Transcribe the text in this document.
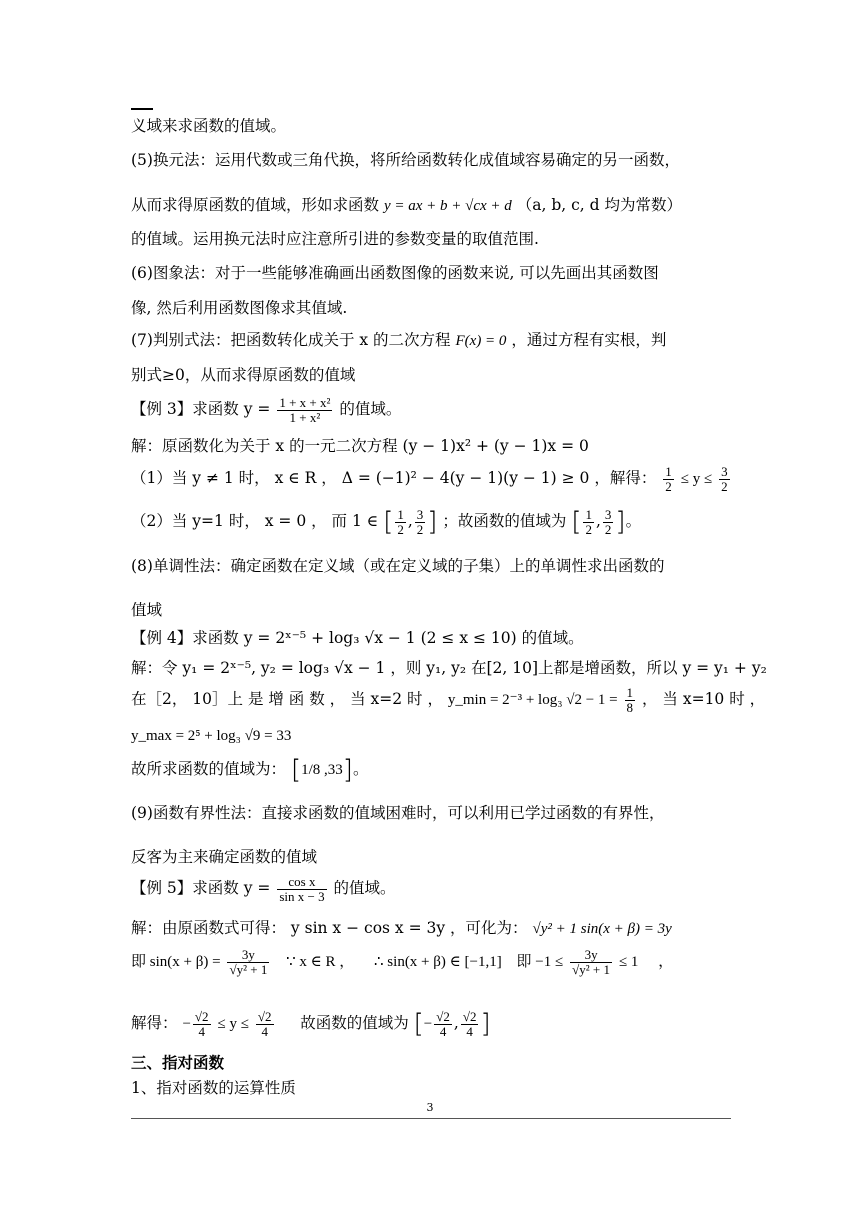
义域来求函数的值域。
(5)换元法：运用代数或三角代换，将所给函数转化成值域容易确定的另一函数，
从而求得原函数的值域，形如求函数 y = ax + b + √cx + d （a, b, c, d 均为常数）
的值域。运用换元法时应注意所引进的参数变量的取值范围.
(6)图象法：对于一些能够准确画出函数图像的函数来说, 可以先画出其函数图
像, 然后利用函数图像求其值域.
(7)判别式法：把函数转化成关于 x 的二次方程 F(x) = 0 ，通过方程有实根，判
别式≥0，从而求得原函数的值域
【例 3】求函数 $y = \frac{\text{1 + x + x²}}{\text{1 + x²}}$ 的值域。
解：原函数化为关于 x 的一元二次方程 (y − 1)x² + (y − 1)x = 0
（1）当 y ≠ 1 时， x ∈ R ， Δ = (−1)² − 4(y − 1)(y − 1) ≥ 0 ，解得： $\frac{1}{2} \le y \le \frac{3}{2}$
（2）当 y=1 时， x = 0 ， 而 1 ∈ [ $\frac{1}{2}$ , $\frac{3}{2}$ ] ；故函数的值域为 [ $\frac{1}{2}$ , $\frac{3}{2}$ ]。
(8)单调性法：确定函数在定义域（或在定义域的子集）上的单调性求出函数的
值域
【例 4】求函数 y = 2ˣ⁻⁵ + log₃ √x − 1 (2 ≤ x ≤ 10) 的值域。
解：令 y₁ = 2ˣ⁻⁵, y₂ = log₃ √x − 1 ，则 y₁, y₂ 在[2, 10]上都是增函数，所以 y = y₁ + y₂
在［2， 10］上 是 增 函 数 ， 当 x=2 时 ， y_min = 2⁻³ + log₃ $√2 - 1 = \frac{1}{8}$ ， 当 x=10 时 ，
y_max = 2⁵ + log₃ √9 = 33
故所求函数的值域为： [1/8 ,33]。
(9)函数有界性法：直接求函数的值域困难时，可以利用已学过函数的有界性，
反客为主来确定函数的值域
【例 5】求函数 $y = \frac{\text{cos x}}{\text{sin x − 3}}$ 的值域。
解：由原函数式可得： y sin x − cos x = 3y ，可化为： √y² + 1 sin(x + β) = 3y
即 $\sin(x + \beta) = \frac{3y}{\text{√y² + 1}}$ ∵ x ∈ R ， ∴ sin(x + β) ∈ [−1,1] 即 $-1 \le \frac{3y}{\text{√y² + 1}} \le 1$ ，
解得： − $\frac{√2}{4} \le y \le \frac{√2}{4}$ 故函数的值域为 [− $\frac{√2}{4}$ , $\frac{√2}{4}$ ]
三、指对函数
1、指对函数的运算性质
3
